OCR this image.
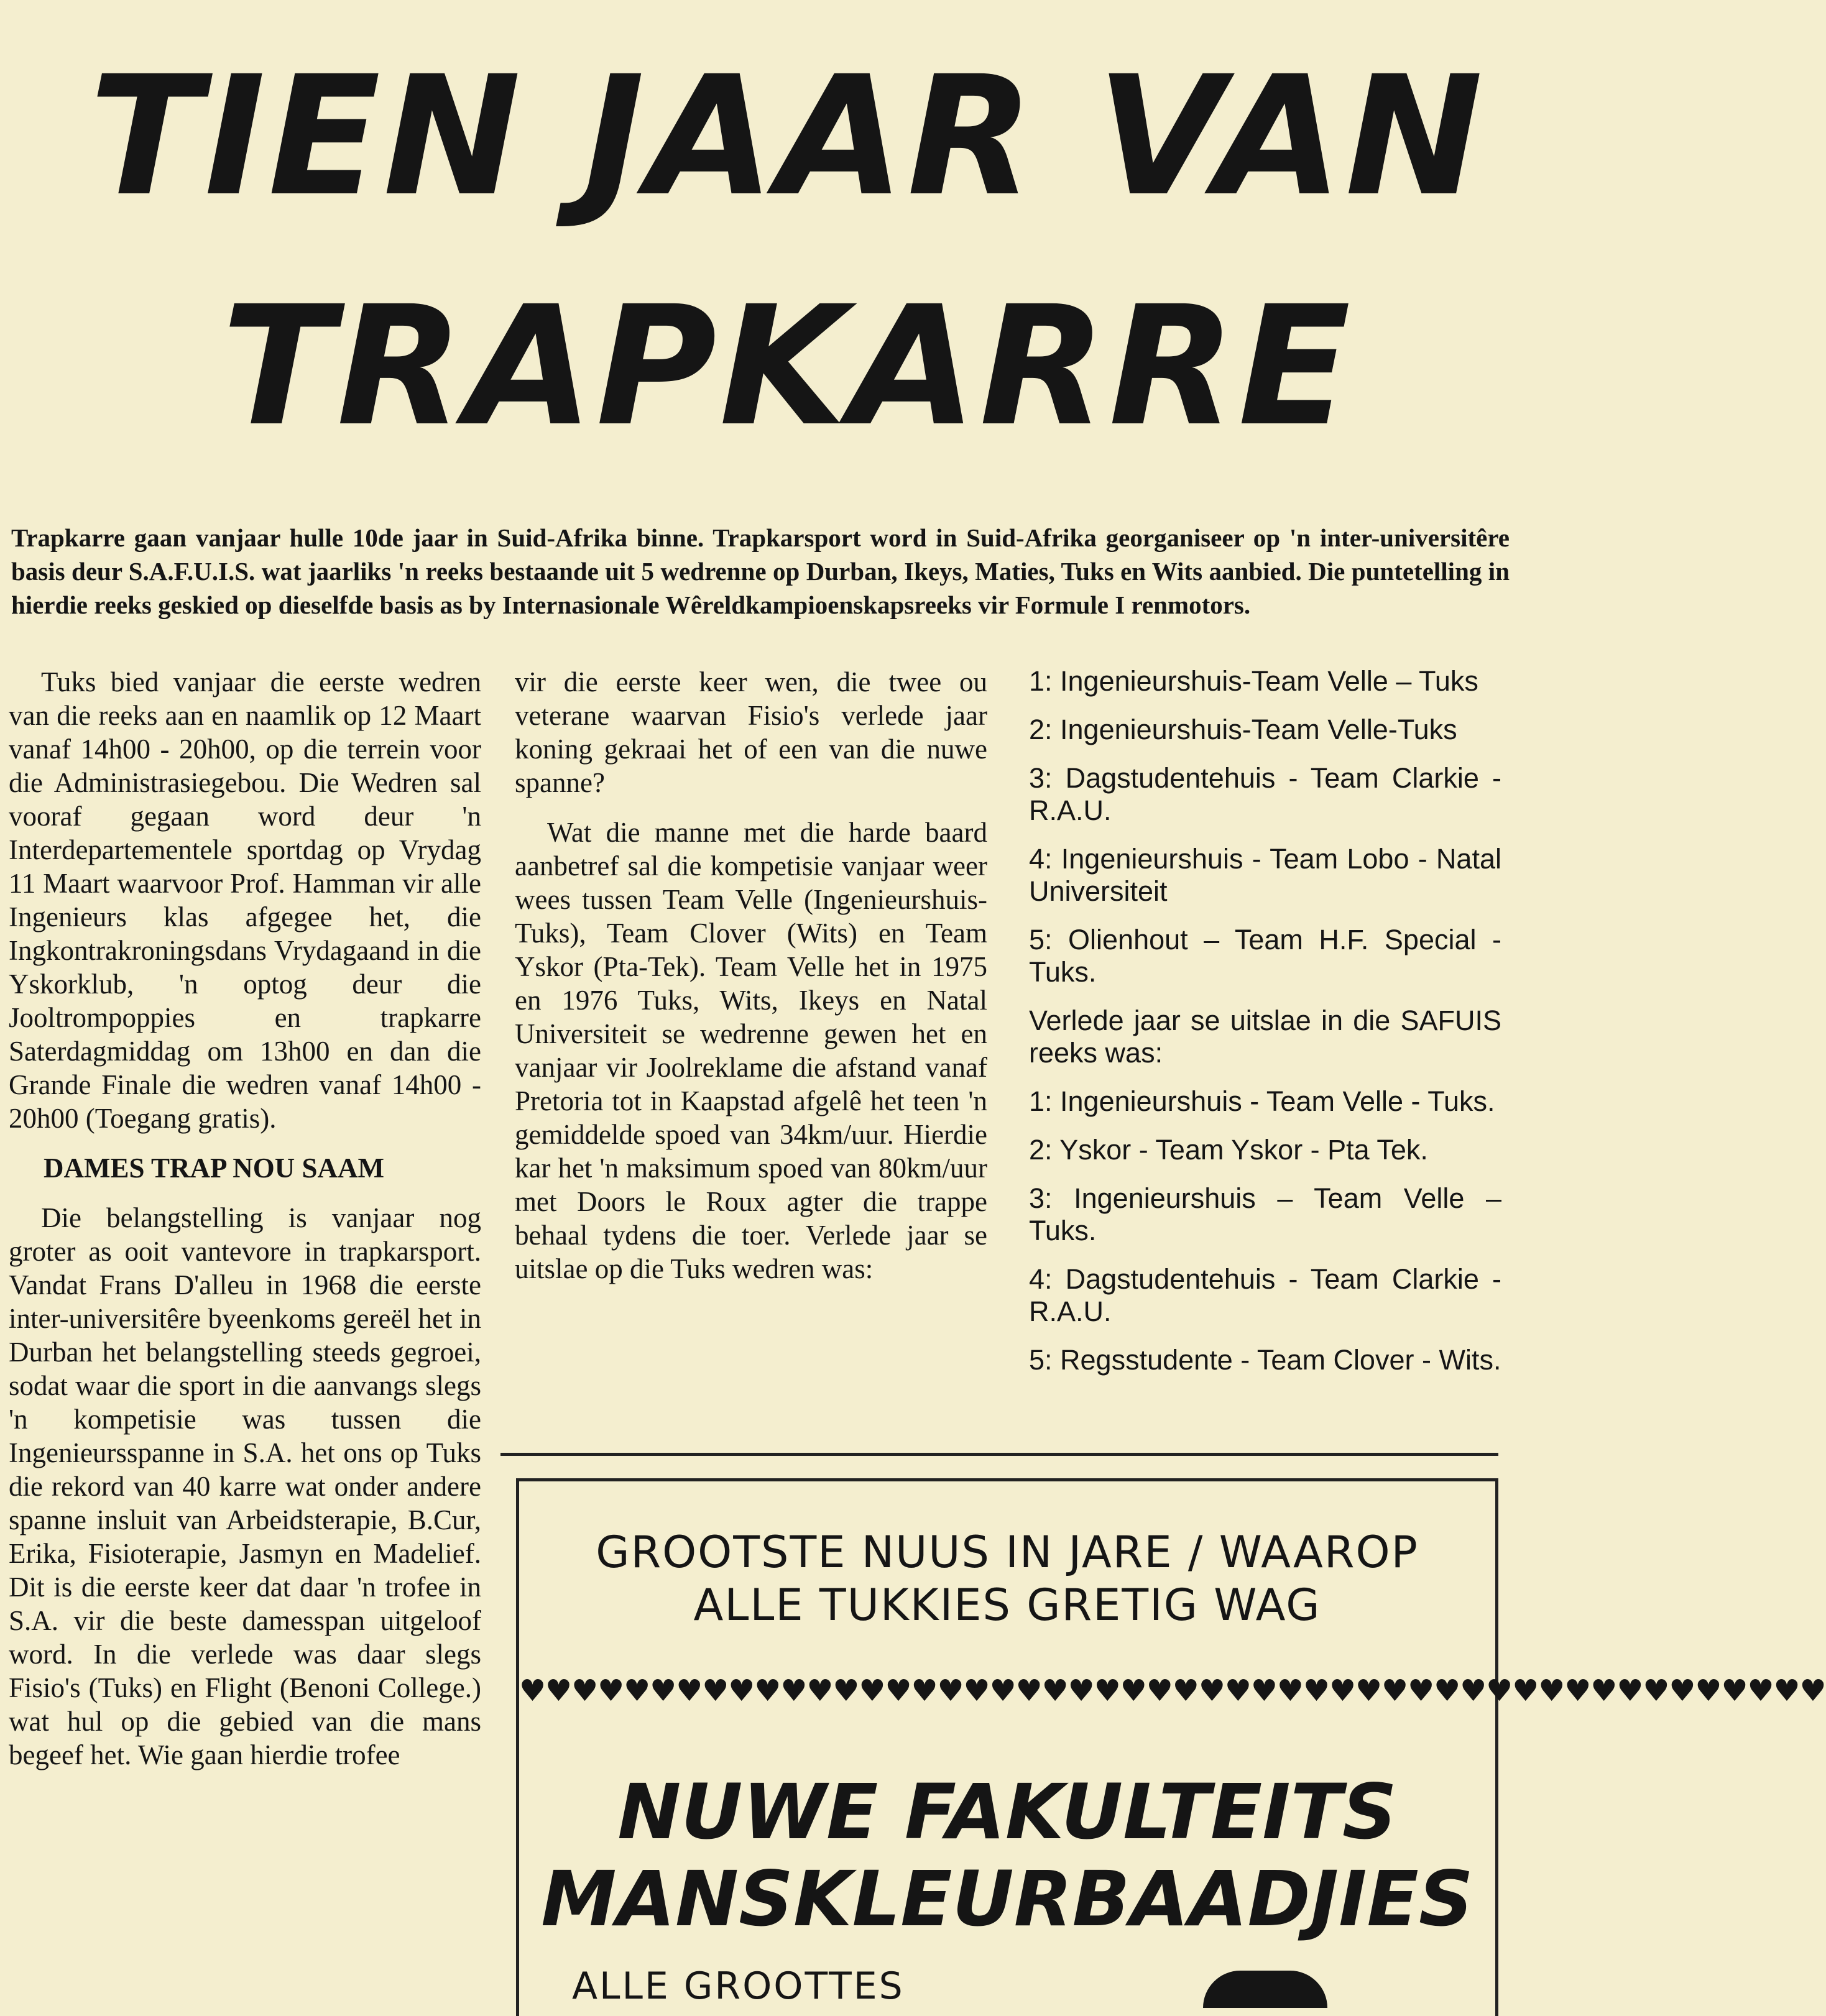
TIEN JAAR VAN
TRAPKARRE

Trapkarre gaan vanjaar hulle 10de jaar in Suid-Afrika binne. Trapkarsport word in Suid-Afrika georganiseer op 'n inter-universitêre basis deur S.A.F.U.I.S. wat jaarliks 'n reeks bestaande uit 5 wedrenne op Durban, Ikeys, Maties, Tuks en Wits aanbied. Die puntetelling in hierdie reeks geskied op dieselfde basis as by Internasionale Wêreldkampioenskapsreeks vir Formule I renmotors.

Tuks bied vanjaar die eerste wedren van die reeks aan en naamlik op 12 Maart vanaf 14h00 - 20h00, op die terrein voor die Administrasiegebou. Die Wedren sal vooraf gegaan word deur 'n Interdepartementele sportdag op Vrydag 11 Maart waarvoor Prof. Hamman vir alle Ingenieurs klas afgegee het, die Ingkontrakroningsdans Vrydagaand in die Yskorklub, 'n optog deur die Jooltrompoppies en trapkarre Saterdagmiddag om 13h00 en dan die Grande Finale die wedren vanaf 14h00 - 20h00 (Toegang gratis).

DAMES TRAP NOU SAAM

Die belangstelling is vanjaar nog groter as ooit vantevore in trapkarsport. Vandat Frans D'alleu in 1968 die eerste inter-universitêre byeenkoms gereël het in Durban het belangstelling steeds gegroei, sodat waar die sport in die aanvangs slegs 'n kompetisie was tussen die Ingenieursspanne in S.A. het ons op Tuks die rekord van 40 karre wat onder andere spanne insluit van Arbeidsterapie, B.Cur, Erika, Fisioterapie, Jasmyn en Madelief. Dit is die eerste keer dat daar 'n trofee in S.A. vir die beste damesspan uitgeloof word. In die verlede was daar slegs Fisio's (Tuks) en Flight (Benoni College.) wat hul op die gebied van die mans begeef het. Wie gaan hierdie trofee

vir die eerste keer wen, die twee ou veterane waarvan Fisio's verlede jaar koning gekraai het of een van die nuwe spanne?

Wat die manne met die harde baard aanbetref sal die kompetisie vanjaar weer wees tussen Team Velle (Ingenieurshuis-Tuks), Team Clover (Wits) en Team Yskor (Pta-Tek). Team Velle het in 1975 en 1976 Tuks, Wits, Ikeys en Natal Universiteit se wedrenne gewen het en vanjaar vir Joolreklame die afstand vanaf Pretoria tot in Kaapstad afgelê het teen 'n gemiddelde spoed van 34km/uur. Hierdie kar het 'n maksimum spoed van 80km/uur met Doors le Roux agter die trappe behaal tydens die toer. Verlede jaar se uitslae op die Tuks wedren was:

1: Ingenieurshuis-Team Velle – Tuks

2: Ingenieurshuis-Team Velle-Tuks

3: Dagstudentehuis - Team Clarkie - R.A.U.

4: Ingenieurshuis - Team Lobo - Natal Universiteit

5: Olienhout – Team H.F. Special - Tuks.

Verlede jaar se uitslae in die SAFUIS reeks was:

1: Ingenieurshuis - Team Velle - Tuks.

2: Yskor - Team Yskor - Pta Tek.

3: Ingenieurshuis – Team Velle – Tuks.

4: Dagstudentehuis - Team Clarkie - R.A.U.

5: Regsstudente - Team Clover - Wits.

GROOTSTE NUUS IN JARE / WAAROP

ALLE TUKKIES GRETIG WAG

♥♥♥♥♥♥♥♥♥♥♥♥♥♥♥♥♥♥♥♥♥♥♥♥♥♥♥♥♥♥♥♥♥♥♥♥♥♥♥♥♥♥♥♥♥♥♥♥♥♥

NUWE FAKULTEITS

MANSKLEURBAADJIES

ALLE GROOTTES
